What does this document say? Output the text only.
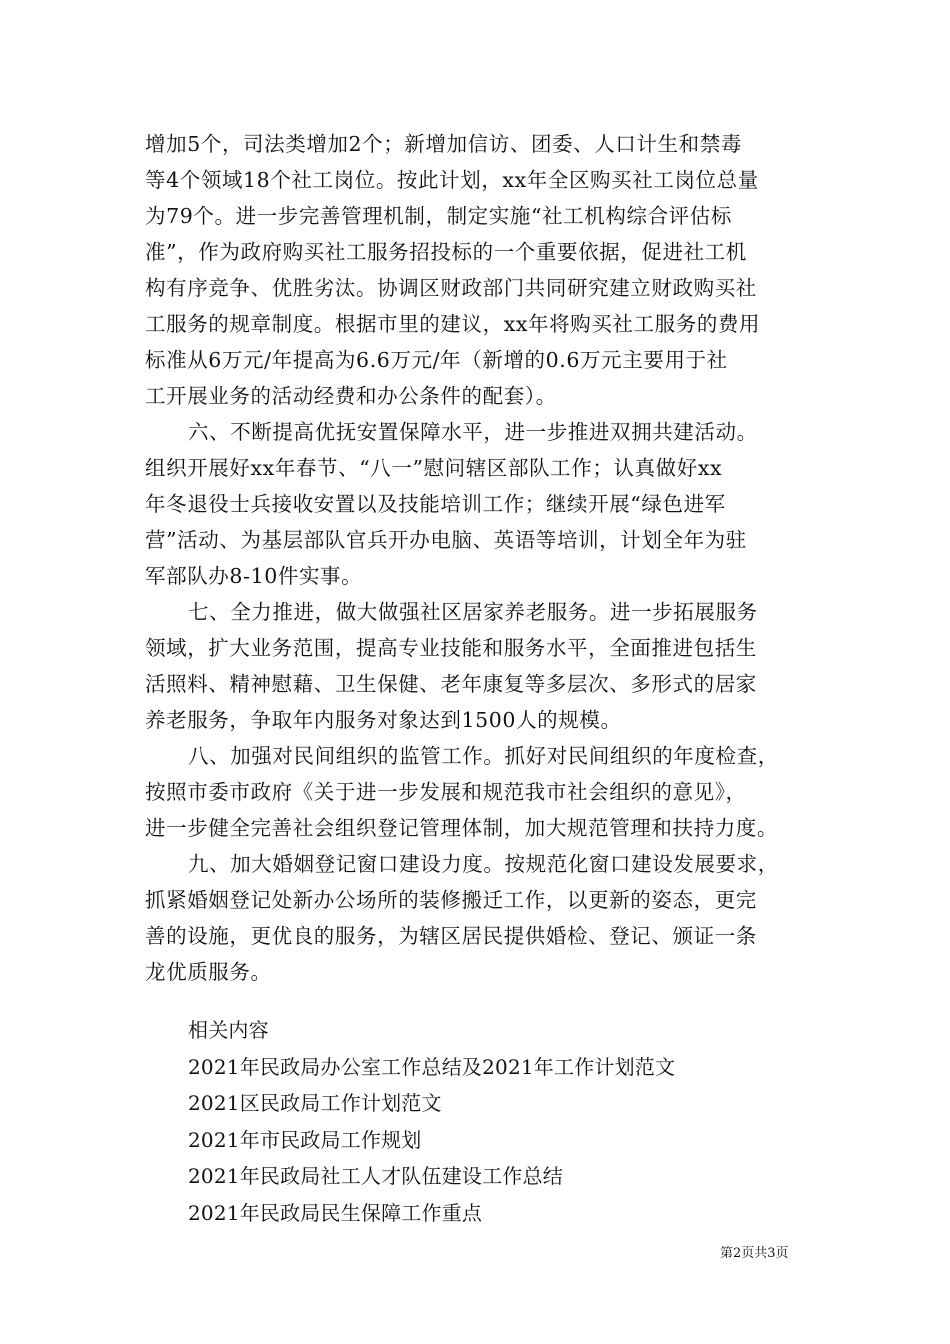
增加5个，司法类增加2个；新增加信访、团委、人口计生和禁毒
等4个领域18个社工岗位。按此计划，xx年全区购买社工岗位总量
为79个。进一步完善管理机制，制定实施“社工机构综合评估标
准”，作为政府购买社工服务招投标的一个重要依据，促进社工机
构有序竞争、优胜劣汰。协调区财政部门共同研究建立财政购买社
工服务的规章制度。根据市里的建议，xx年将购买社工服务的费用
标准从6万元/年提高为6.6万元/年（新增的0.6万元主要用于社
工开展业务的活动经费和办公条件的配套）。
六、不断提高优抚安置保障水平，进一步推进双拥共建活动。
组织开展好xx年春节、“八一”慰问辖区部队工作；认真做好xx
年冬退役士兵接收安置以及技能培训工作；继续开展“绿色进军
营”活动、为基层部队官兵开办电脑、英语等培训，计划全年为驻
军部队办8-10件实事。
七、全力推进，做大做强社区居家养老服务。进一步拓展服务
领域，扩大业务范围，提高专业技能和服务水平，全面推进包括生
活照料、精神慰藉、卫生保健、老年康复等多层次、多形式的居家
养老服务，争取年内服务对象达到1500人的规模。
八、加强对民间组织的监管工作。抓好对民间组织的年度检查，
按照市委市政府《关于进一步发展和规范我市社会组织的意见》，
进一步健全完善社会组织登记管理体制，加大规范管理和扶持力度。
九、加大婚姻登记窗口建设力度。按规范化窗口建设发展要求，
抓紧婚姻登记处新办公场所的装修搬迁工作，以更新的姿态，更完
善的设施，更优良的服务，为辖区居民提供婚检、登记、颁证一条
龙优质服务。
相关内容
2021年民政局办公室工作总结及2021年工作计划范文
2021区民政局工作计划范文
2021年市民政局工作规划
2021年民政局社工人才队伍建设工作总结
2021年民政局民生保障工作重点
第2页共3页
